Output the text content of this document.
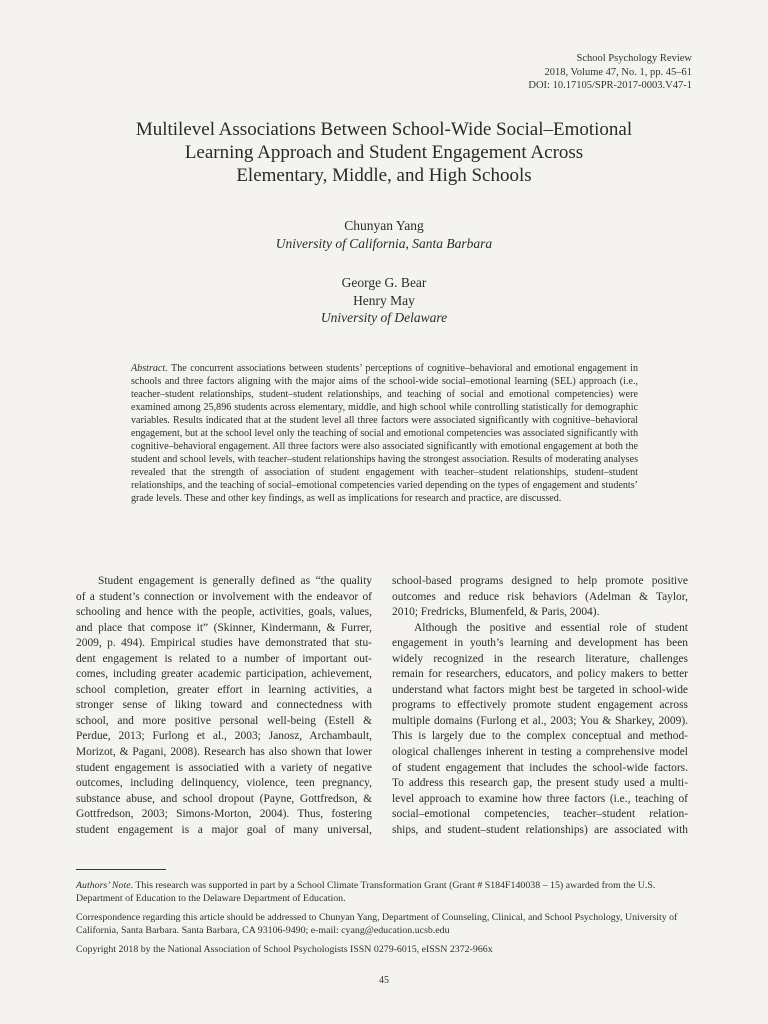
School Psychology Review
2018, Volume 47, No. 1, pp. 45–61
DOI: 10.17105/SPR-2017-0003.V47-1
Multilevel Associations Between School-Wide Social–Emotional
Learning Approach and Student Engagement Across
Elementary, Middle, and High Schools
Chunyan Yang
University of California, Santa Barbara
George G. Bear
Henry May
University of Delaware
Abstract. The concurrent associations between students’ perceptions of cognitive–behavioral and emotional engagement in schools and three factors aligning with the major aims of the school-wide social–emotional learning (SEL) approach (i.e., teacher–student relationships, student–student relationships, and teaching of social and emotional competencies) were examined among 25,896 students across elementary, middle, and high school while controlling statistically for demographic variables. Results indicated that at the student level all three factors were associated significantly with cognitive–behavioral engagement, but at the school level only the teaching of social and emotional competencies was associated significantly with cognitive–behavioral engagement. All three factors were also associated significantly with emotional engagement at both the student and school levels, with teacher–student relationships having the strongest association. Results of moderating analyses revealed that the strength of association of student engagement with teacher–student relationships, student–student relationships, and the teaching of social–emotional competencies varied depending on the types of engagement and students’ grade levels. These and other key findings, as well as implications for research and practice, are discussed.
Student engagement is generally defined as “the quality
of a student’s connection or involvement with the endeavor of
schooling and hence with the people, activities, goals, values,
and place that compose it” (Skinner, Kindermann, & Furrer,
2009, p. 494). Empirical studies have demonstrated that stu-
dent engagement is related to a number of important out-
comes, including greater academic participation, achievement,
school completion, greater effort in learning activities, a
stronger sense of liking toward and connectedness with
school, and more positive personal well-being (Estell &
Perdue, 2013; Furlong et al., 2003; Janosz, Archambault,
Morizot, & Pagani, 2008). Research has also shown that lower
student engagement is associatied with a variety of negative
outcomes, including delinquency, violence, teen pregnancy,
substance abuse, and school dropout (Payne, Gottfredson, &
Gottfredson, 2003; Simons-Morton, 2004). Thus, fostering
student engagement is a major goal of many universal,
school-based programs designed to help promote positive
outcomes and reduce risk behaviors (Adelman & Taylor,
2010; Fredricks, Blumenfeld, & Paris, 2004).
Although the positive and essential role of student
engagement in youth’s learning and development has been
widely recognized in the research literature, challenges
remain for researchers, educators, and policy makers to better
understand what factors might best be targeted in school-wide
programs to effectively promote student engagement across
multiple domains (Furlong et al., 2003; You & Sharkey, 2009).
This is largely due to the complex conceptual and method-
ological challenges inherent in testing a comprehensive model
of student engagement that includes the school-wide factors.
To address this research gap, the present study used a multi-
level approach to examine how three factors (i.e., teaching of
social–emotional competencies, teacher–student relation-
ships, and student–student relationships) are associated with

Authors’ Note. This research was supported in part by a School Climate Transformation Grant (Grant # S184F140038 – 15) awarded from the U.S. Department of Education to the Delaware Department of Education.

Correspondence regarding this article should be addressed to Chunyan Yang, Department of Counseling, Clinical, and School Psychology, University of California, Santa Barbara. Santa Barbara, CA 93106-9490; e-mail: cyang@education.ucsb.edu

Copyright 2018 by the National Association of School Psychologists ISSN 0279-6015, eISSN 2372-966x

45
